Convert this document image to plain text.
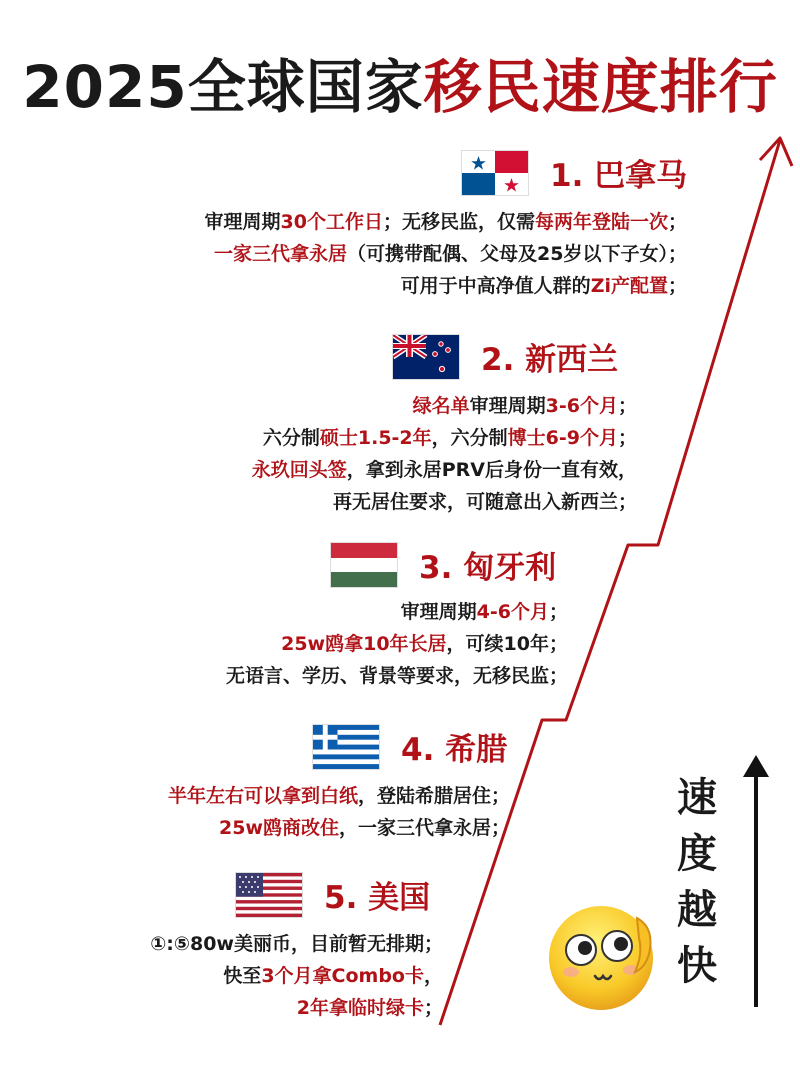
2025全球国家移民速度排行
1. 巴拿马
审理周期30个工作日；无移民监，仅需每两年登陆一次；
一家三代拿永居（可携带配偶、父母及25岁以下子女）；
可用于中高净值人群的Zi产配置；
2. 新西兰
绿名单审理周期3-6个月；
六分制硕士1.5-2年，六分制博士6-9个月；
永玖回头签，拿到永居PRV后身份一直有效，
再无居住要求，可随意出入新西兰；
3. 匈牙利
审理周期4-6个月；
25w鸥拿10年长居，可续10年；
无语言、学历、背景等要求，无移民监；
4. 希腊
半年左右可以拿到白纸，登陆希腊居住；
25w鸥商改住，一家三代拿永居；
5. 美国
①:⑤80w美丽币，目前暂无排期；
快至3个月拿Combo卡，
2年拿临时绿卡；
速
度
越
快
